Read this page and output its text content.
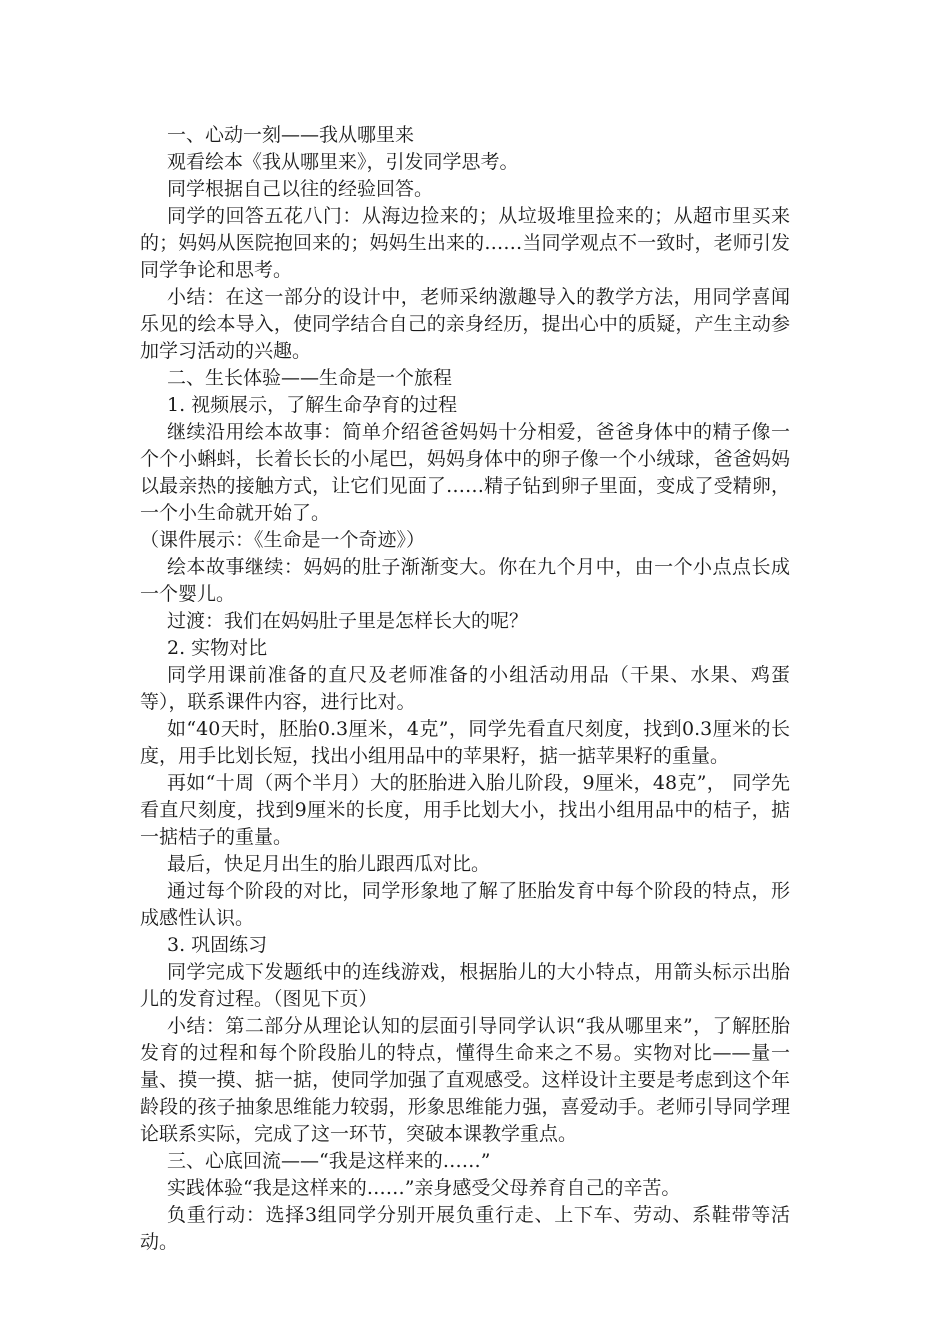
一、心动一刻——我从哪里来

观看绘本《我从哪里来》，引发同学思考。

同学根据自己以往的经验回答。

同学的回答五花八门：从海边捡来的；从垃圾堆里捡来的；从超市里买来的；妈妈从医院抱回来的；妈妈生出来的……当同学观点不一致时，老师引发同学争论和思考。

小结：在这一部分的设计中，老师采纳激趣导入的教学方法，用同学喜闻乐见的绘本导入，使同学结合自己的亲身经历，提出心中的质疑，产生主动参加学习活动的兴趣。

二、生长体验——生命是一个旅程

1. 视频展示，了解生命孕育的过程

继续沿用绘本故事：简单介绍爸爸妈妈十分相爱，爸爸身体中的精子像一个个小蝌蚪，长着长长的小尾巴，妈妈身体中的卵子像一个小绒球，爸爸妈妈以最亲热的接触方式，让它们见面了……精子钻到卵子里面，变成了受精卵，一个小生命就开始了。

（课件展示：《生命是一个奇迹》）

绘本故事继续：妈妈的肚子渐渐变大。你在九个月中，由一个小点点长成一个婴儿。

过渡：我们在妈妈肚子里是怎样长大的呢？

2. 实物对比

同学用课前准备的直尺及老师准备的小组活动用品（干果、水果、鸡蛋等），联系课件内容，进行比对。

如“40天时，胚胎0.3厘米，4克”，同学先看直尺刻度，找到0.3厘米的长度，用手比划长短，找出小组用品中的苹果籽，掂一掂苹果籽的重量。

再如“十周（两个半月）大的胚胎进入胎儿阶段，9厘米，48克”， 同学先看直尺刻度，找到9厘米的长度，用手比划大小，找出小组用品中的桔子，掂一掂桔子的重量。

最后，快足月出生的胎儿跟西瓜对比。

通过每个阶段的对比，同学形象地了解了胚胎发育中每个阶段的特点，形成感性认识。

3. 巩固练习

同学完成下发题纸中的连线游戏，根据胎儿的大小特点，用箭头标示出胎儿的发育过程。（图见下页）

小结：第二部分从理论认知的层面引导同学认识“我从哪里来”，了解胚胎发育的过程和每个阶段胎儿的特点，懂得生命来之不易。实物对比——量一量、摸一摸、掂一掂，使同学加强了直观感受。这样设计主要是考虑到这个年龄段的孩子抽象思维能力较弱，形象思维能力强，喜爱动手。老师引导同学理论联系实际，完成了这一环节，突破本课教学重点。

三、心底回流——“我是这样来的……”

实践体验“我是这样来的……”亲身感受父母养育自己的辛苦。

负重行动：选择3组同学分别开展负重行走、上下车、劳动、系鞋带等活动。
